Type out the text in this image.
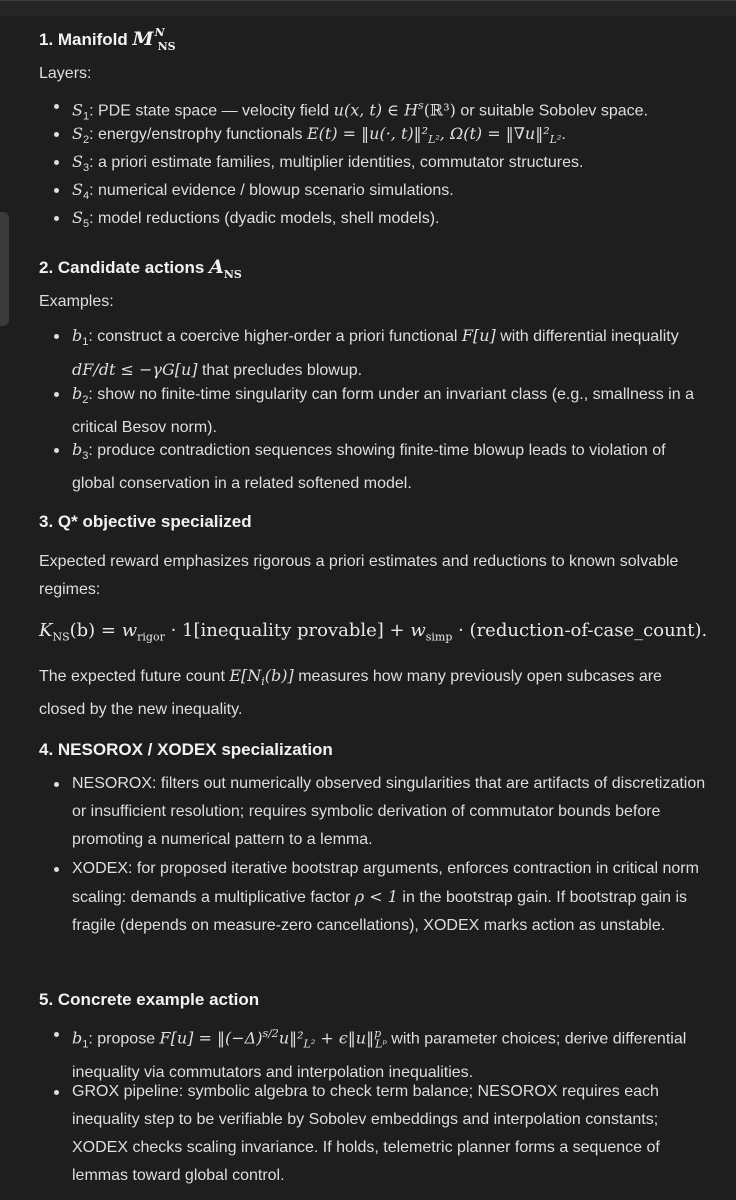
1. Manifold $M^N_{NS}$

Layers:

$S_1$: PDE state space — velocity field u(x, t) ∈ $H^s(ℝ^3)$ or suitable Sobolev space.
$S_2$: energy/enstrophy functionals E(t) = ‖u(·, $t)‖^2_{L^2}$, $\Omega(t) = ‖\nabla u‖^2_{L^2}$.
$S_3$: a priori estimate families, multiplier identities, commutator structures.
$S_4$: numerical evidence / blowup scenario simulations.
$S_5$: model reductions (dyadic models, shell models).
2. Candidate actions $A_{NS}$

Examples:

$b_1$: construct a coercive higher-order a priori functional F[u] with differential inequality dF/dt ≤ −γG[u] that precludes blowup.
$b_2$: show no finite-time singularity can form under an invariant class (e.g., smallness in a critical Besov norm).
$b_3$: produce contradiction sequences showing finite-time blowup leads to violation of global conservation in a related softened model.
3. Q* objective specialized

Expected reward emphasizes rigorous a priori estimates and reductions to known solvable regimes:

$K_{NS}(b) = w_{rigor}$ · 1[inequality provable] + $w_{simp}$ · (reduction-of-case_count).

The expected future count $E[N_i(b)]$ measures how many previously open subcases are closed by the new inequality.

4. NESOROX / XODEX specialization
NESOROX: filters out numerically observed singularities that are artifacts of discretization or insufficient resolution; requires symbolic derivation of commutator bounds before promoting a numerical pattern to a lemma.
XODEX: for proposed iterative bootstrap arguments, enforces contraction in critical norm scaling: demands a multiplicative factor ρ < 1 in the bootstrap gain. If bootstrap gain is fragile (depends on measure-zero cancellations), XODEX marks action as unstable.
5. Concrete example action
$b_1$: propose $F[u] = ‖(-\Delta)^{s/2}u‖^2_{L^2}$ + ϵ‖u‖$^p_{Lᵖ}$ with parameter choices; derive differential inequality via commutators and interpolation inequalities.
GROX pipeline: symbolic algebra to check term balance; NESOROX requires each inequality step to be verifiable by Sobolev embeddings and interpolation constants; XODEX checks scaling invariance. If holds, telemetric planner forms a sequence of lemmas toward global control.
